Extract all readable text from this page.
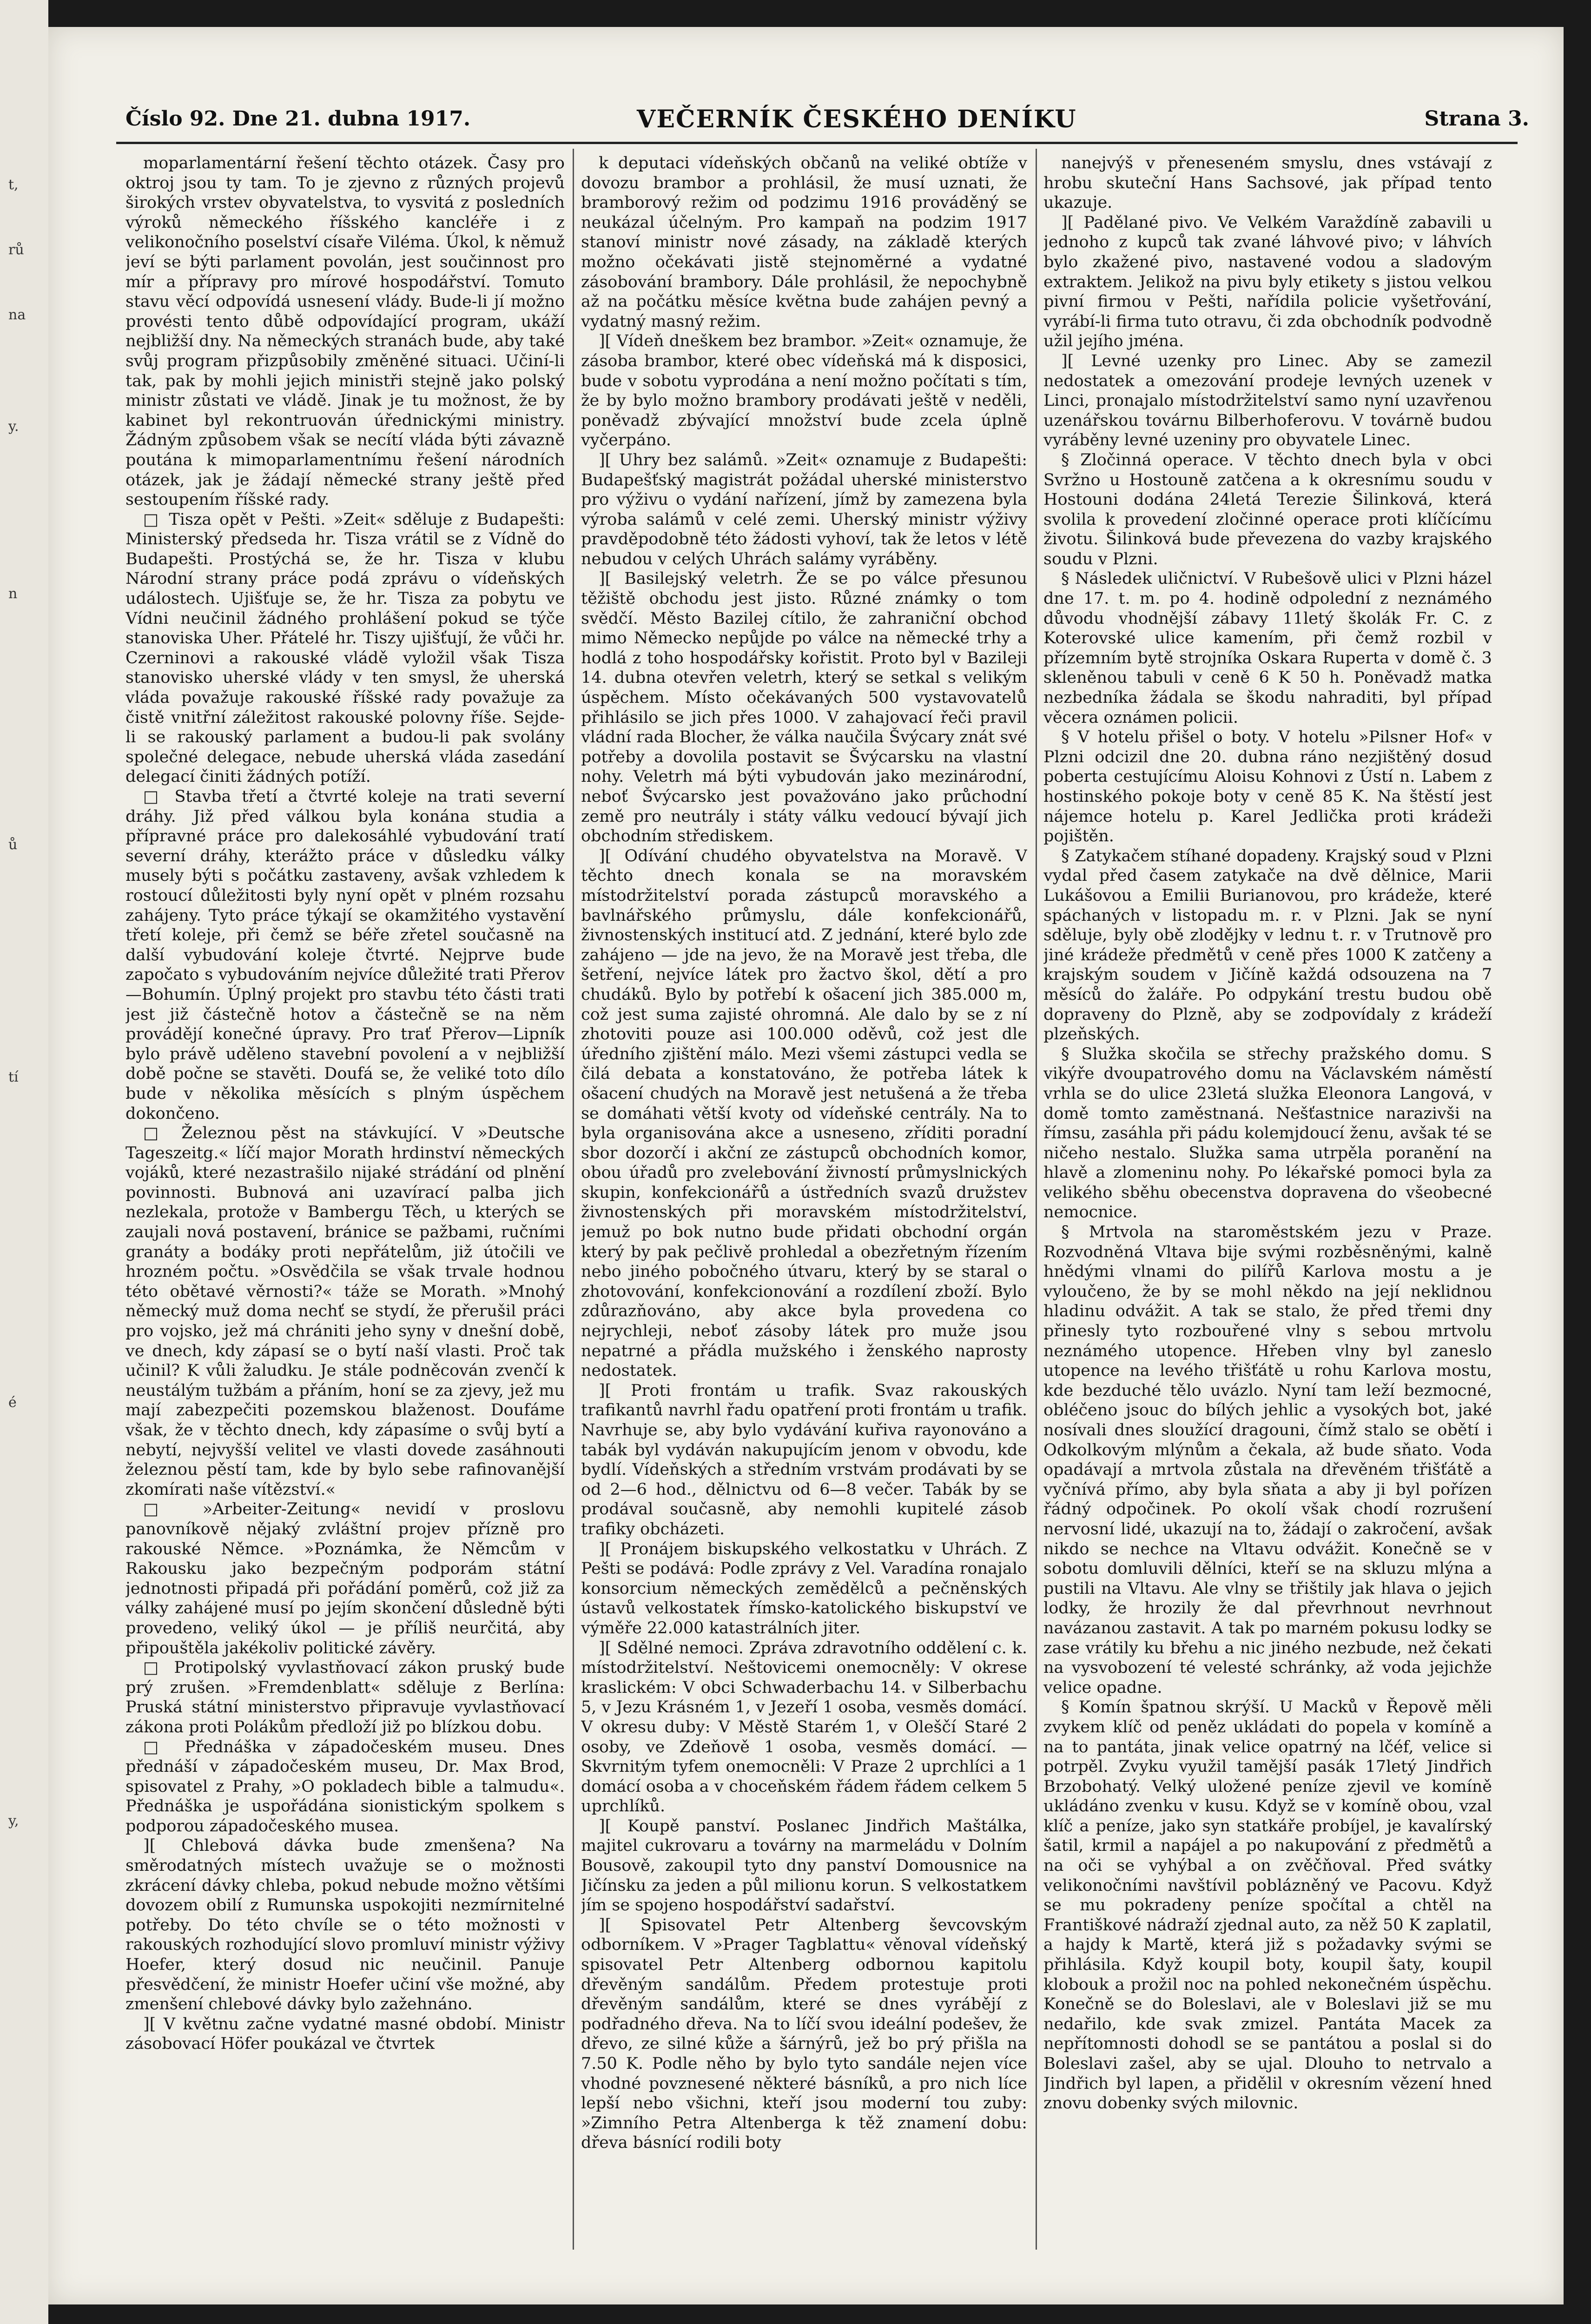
t,
rů
na
y.
n
ů
tí
é
y,
Číslo 92. Dne 21. dubna 1917.	VEČERNÍK ČESKÉHO DENÍKU	Strana 3.

moparlamentární řešení těchto otázek. Časy pro oktroj jsou ty tam. To je zjevno z různých projevů širokých vrstev obyvatelstva, to vysvitá z posledních výroků německého říšského kancléře i z velikonočního poselství císaře Viléma. Úkol, k němuž jeví se býti parlament povolán, jest součinnost pro mír a přípravy pro mírové hospodářství. Tomuto stavu věcí odpovídá usnesení vlády. Bude-li jí možno provésti tento důbě odpovídající program, ukáží nejbližší dny. Na německých stranách bude, aby také svůj program přizpůsobily změněné situaci. Učiní-li tak, pak by mohli jejich ministři stejně jako polský ministr zůstati ve vládě. Jinak je tu možnost, že by kabinet byl rekontruován úřednickými ministry. Žádným způsobem však se necítí vláda býti závazně poutána k mimoparlamentnímu řešení národních otázek, jak je žádají německé strany ještě před sestoupením říšské rady.

□ Tisza opět v Pešti. »Zeit« sděluje z Budapešti: Ministerský předseda hr. Tisza vrátil se z Vídně do Budapešti. Prostýchá se, že hr. Tisza v klubu Národní strany práce podá zprávu o vídeňských událostech. Ujišťuje se, že hr. Tisza za pobytu ve Vídni neučinil žádného prohlášení pokud se týče stanoviska Uher. Přátelé hr. Tiszy ujišťují, že vůči hr. Czerninovi a rakouské vládě vyložil však Tisza stanovisko uherské vlády v ten smysl, že uherská vláda považuje rakouské říšské rady považuje za čistě vnitřní záležitost rakouské polovny říše. Sejde-li se rakouský parlament a budou-li pak svolány společné delegace, nebude uherská vláda zasedání delegací činiti žádných potíží.

□ Stavba třetí a čtvrté koleje na trati severní dráhy. Již před válkou byla konána studia a přípravné práce pro dalekosáhlé vybudování tratí severní dráhy, kterážto práce v důsledku války musely býti s počátku zastaveny, avšak vzhledem k rostoucí důležitosti byly nyní opět v plném rozsahu zahájeny. Tyto práce týkají se okamžitého vystavění třetí koleje, při čemž se béře zřetel současně na další vybudování koleje čtvrté. Nejprve bude započato s vybudováním nejvíce důležité trati Přerov—Bohumín. Úplný projekt pro stavbu této části trati jest již částečně hotov a částečně se na něm provádějí konečné úpravy. Pro trať Přerov—Lipník bylo právě uděleno stavební povolení a v nejbližší době počne se stavěti. Doufá se, že veliké toto dílo bude v několika měsících s plným úspěchem dokončeno.

□ Železnou pěst na stávkující. V »Deutsche Tageszeitg.« líčí major Morath hrdinství německých vojáků, které nezastrašilo nijaké strádání od plnění povinnosti. Bubnová ani uzavírací palba jich nezlekala, protože v Bambergu Těch, u kterých se zaujali nová postavení, bránice se pažbami, ručními granáty a bodáky proti nepřátelům, již útočili ve hrozném počtu. »Osvědčila se však trvale hodnou této obětavé věrnosti?« táže se Morath. »Mnohý německý muž doma nechť se stydí, že přerušil práci pro vojsko, jež má chrániti jeho syny v dnešní době, ve dnech, kdy zápasí se o bytí naší vlasti. Proč tak učinil? K vůli žaludku. Je stále podněcován zvenčí k neustálým tužbám a přáním, honí se za zjevy, jež mu mají zabezpečiti pozemskou blaženost. Doufáme však, že v těchto dnech, kdy zápasíme o svůj bytí a nebytí, nejvyšší velitel ve vlasti dovede zasáhnouti železnou pěstí tam, kde by bylo sebe rafinovanější zkomírati naše vítězství.«

□ »Arbeiter-Zeitung« nevidí v proslovu panovníkově nějaký zvláštní projev přízně pro rakouské Němce. »Poznámka, že Němcům v Rakousku jako bezpečným podporám státní jednotnosti připadá při pořádání poměrů, což již za války zahájené musí po jejím skončení důsledně býti provedeno, veliký úkol — je příliš neurčitá, aby připouštěla jakékoliv politické závěry.

□ Protipolský vyvlastňovací zákon pruský bude prý zrušen. »Fremdenblatt« sděluje z Berlína: Pruská státní ministerstvo připravuje vyvlastňovací zákona proti Polákům předloží již po blízkou dobu.

□ Přednáška v západočeském museu. Dnes přednáší v západočeském museu, Dr. Max Brod, spisovatel z Prahy, »O pokladech bible a talmudu«. Přednáška je uspořádána sionistickým spolkem s podporou západočeského musea.

][ Chlebová dávka bude zmenšena? Na směrodatných místech uvažuje se o možnosti zkrácení dávky chleba, pokud nebude možno většími dovozem obilí z Rumunska uspokojiti nezmírnitelné potřeby. Do této chvíle se o této možnosti v rakouských rozhodující slovo promluví ministr výživy Hoefer, který dosud nic neučinil. Panuje přesvědčení, že ministr Hoefer učiní vše možné, aby zmenšení chlebové dávky bylo zažehnáno.

][ V květnu začne vydatné masné období. Ministr zásobovací Höfer poukázal ve čtvrtek

k deputaci vídeňských občanů na veliké obtíže v dovozu brambor a prohlásil, že musí uznati, že bramborový režim od podzimu 1916 prováděný se neukázal účelným. Pro kampaň na podzim 1917 stanoví ministr nové zásady, na základě kterých možno očekávati jistě stejnoměrné a vydatné zásobování brambory. Dále prohlásil, že nepochybně až na počátku měsíce května bude zahájen pevný a vydatný masný režim.

][ Vídeň dneškem bez brambor. »Zeit« oznamuje, že zásoba brambor, které obec vídeňská má k disposici, bude v sobotu vyprodána a není možno počítati s tím, že by bylo možno brambory prodávati ještě v neděli, poněvadž zbývající množství bude zcela úplně vyčerpáno.

][ Uhry bez salámů. »Zeit« oznamuje z Budapešti: Budapešťský magistrát požádal uherské ministerstvo pro výživu o vydání nařízení, jímž by zamezena byla výroba salámů v celé zemi. Uherský ministr výživy pravděpodobně této žádosti vyhoví, tak že letos v létě nebudou v celých Uhrách salámy vyráběny.

][ Basilejský veletrh. Že se po válce přesunou těžiště obchodu jest jisto. Různé známky o tom svědčí. Město Bazilej cítilo, že zahraniční obchod mimo Německo nepůjde po válce na německé trhy a hodlá z toho hospodářsky kořistit. Proto byl v Bazileji 14. dubna otevřen veletrh, který se setkal s velikým úspěchem. Místo očekávaných 500 vystavovatelů přihlásilo se jich přes 1000. V zahajovací řeči pravil vládní rada Blocher, že válka naučila Švýcary znát své potřeby a dovolila postavit se Švýcarsku na vlastní nohy. Veletrh má býti vybudován jako mezinárodní, neboť Švýcarsko jest považováno jako průchodní země pro neutrály i státy válku vedoucí bývají jich obchodním střediskem.

][ Odívání chudého obyvatelstva na Moravě. V těchto dnech konala se na moravském místodržitelství porada zástupců moravského a bavlnářského průmyslu, dále konfekcionářů, živnostenských institucí atd. Z jednání, které bylo zde zahájeno — jde na jevo, že na Moravě jest třeba, dle šetření, nejvíce látek pro žactvo škol, dětí a pro chudáků. Bylo by potřebí k ošacení jich 385.000 m, což jest suma zajisté ohromná. Ale dalo by se z ní zhotoviti pouze asi 100.000 oděvů, což jest dle úředního zjištění málo. Mezi všemi zástupci vedla se čilá debata a konstatováno, že potřeba látek k ošacení chudých na Moravě jest netušená a že třeba se domáhati větší kvoty od vídeňské centrály. Na to byla organisována akce a usneseno, zříditi poradní sbor dozorčí i akční ze zástupců obchodních komor, obou úřadů pro zvelebování živností průmyslnických skupin, konfekcionářů a ústředních svazů družstev živnostenských při moravském místodržitelství, jemuž po bok nutno bude přidati obchodní orgán který by pak pečlivě prohledal a obezřetným řízením nebo jiného pobočného útvaru, který by se staral o zhotovování, konfekcionování a rozdílení zboží. Bylo zdůrazňováno, aby akce byla provedena co nejrychleji, neboť zásoby látek pro muže jsou nepatrné a přádla mužského i ženského naprosty nedostatek.

][ Proti frontám u trafik. Svaz rakouských trafikantů navrhl řadu opatření proti frontám u trafik. Navrhuje se, aby bylo vydávání kuřiva rayonováno a tabák byl vydáván nakupujícím jenom v obvodu, kde bydlí. Vídeňských a středním vrstvám prodávati by se od 2—6 hod., dělnictvu od 6—8 večer. Tabák by se prodával současně, aby nemohli kupitelé zásob trafiky obcházeti.

][ Pronájem biskupského velkostatku v Uhrách. Z Pešti se podává: Podle zprávy z Vel. Varadína ronajalo konsorcium německých zemědělců a pečněnských ústavů velkostatek římsko-katolického biskupství ve výměře 22.000 katastrálních jiter.

][ Sdělné nemoci. Zpráva zdravotního oddělení c. k. místodržitelství. Neštovicemi onemocněly: V okrese kraslickém: V obci Schwaderbachu 14. v Silberbachu 5, v Jezu Krásném 1, v Jezeří 1 osoba, vesměs domácí. V okresu duby: V Městě Starém 1, v Oleščí Staré 2 osoby, ve Zdeňově 1 osoba, vesměs domácí. — Skvrnitým tyfem onemocněli: V Praze 2 uprchlíci a 1 domácí osoba a v choceňském řádem řádem celkem 5 uprchlíků.

][ Koupě panství. Poslanec Jindřich Maštálka, majitel cukrovaru a továrny na marmeládu v Dolním Bousově, zakoupil tyto dny panství Domousnice na Jičínsku za jeden a půl milionu korun. S velkostatkem jím se spojeno hospodářství sadařství.

][ Spisovatel Petr Altenberg ševcovským odborníkem. V »Prager Tagblattu« věnoval vídeňský spisovatel Petr Altenberg odbornou kapitolu dřevěným sandálům. Předem protestuje proti dřevěným sandálům, které se dnes vyrábějí z podřadného dřeva. Na to líčí svou ideální podešev, že dřevo, ze silné kůže a šárnýrů, jež bo prý přišla na 7.50 K. Podle něho by bylo tyto sandále nejen více vhodné povznesené některé básníků, a pro nich líce lepší nebo všichni, kteří jsou moderní tou zuby: »Zimního Petra Altenberga k těž znamení dobu: dřeva básnící rodili boty

nanejvýš v přeneseném smyslu, dnes vstávají z hrobu skuteční Hans Sachsové, jak případ tento ukazuje.

][ Padělané pivo. Ve Velkém Varaždíně zabavili u jednoho z kupců tak zvané láhvové pivo; v láhvích bylo zkažené pivo, nastavené vodou a sladovým extraktem. Jelikož na pivu byly etikety s jistou velkou pivní firmou v Pešti, nařídila policie vyšetřování, vyrábí-li firma tuto otravu, či zda obchodník podvodně užil jejího jména.

][ Levné uzenky pro Linec. Aby se zamezil nedostatek a omezování prodeje levných uzenek v Linci, pronajalo místodržitelství samo nyní uzavřenou uzenářskou továrnu Bilberhoferovu. V továrně budou vyráběny levné uzeniny pro obyvatele Linec.

§ Zločinná operace. V těchto dnech byla v obci Svržno u Hostouně zatčena a k okresnímu soudu v Hostouni dodána 24letá Terezie Šilinková, která svolila k provedení zločinné operace proti klíčícímu životu. Šilinková bude převezena do vazby krajského soudu v Plzni.

§ Následek uličnictví. V Rubešově ulici v Plzni házel dne 17. t. m. po 4. hodině odpolední z neznámého důvodu vhodnější zábavy 11letý školák Fr. C. z Koterovské ulice kamením, při čemž rozbil v přízemním bytě strojníka Oskara Ruperta v domě č. 3 skleněnou tabuli v ceně 6 K 50 h. Poněvadž matka nezbedníka žádala se škodu nahraditi, byl případ věcera oznámen policii.

§ V hotelu přišel o boty. V hotelu »Pilsner Hof« v Plzni odcizil dne 20. dubna ráno nezjištěný dosud poberta cestujícímu Aloisu Kohnovi z Ústí n. Labem z hostinského pokoje boty v ceně 85 K. Na štěstí jest nájemce hotelu p. Karel Jedlička proti krádeži pojištěn.

§ Zatykačem stíhané dopadeny. Krajský soud v Plzni vydal před časem zatykače na dvě dělnice, Marii Lukášovou a Emilii Burianovou, pro krádeže, které spáchaných v listopadu m. r. v Plzni. Jak se nyní sděluje, byly obě zlodějky v lednu t. r. v Trutnově pro jiné krádeže předmětů v ceně přes 1000 K zatčeny a krajským soudem v Jičíně každá odsouzena na 7 měsíců do žaláře. Po odpykání trestu budou obě dopraveny do Plzně, aby se zodpovídaly z krádeží plzeňských.

§ Služka skočila se střechy pražského domu. S vikýře dvoupatrového domu na Václavském náměstí vrhla se do ulice 23letá služka Eleonora Langová, v domě tomto zaměstnaná. Nešťastnice narazivši na římsu, zasáhla při pádu kolemjdoucí ženu, avšak té se ničeho nestalo. Služka sama utrpěla poranění na hlavě a zlomeninu nohy. Po lékařské pomoci byla za velikého sběhu obecenstva dopravena do všeobecné nemocnice.

§ Mrtvola na staroměstském jezu v Praze. Rozvodněná Vltava bije svými rozběsněnými, kalně hnědými vlnami do pilířů Karlova mostu a je vyloučeno, že by se mohl někdo na její neklidnou hladinu odvážit. A tak se stalo, že před třemi dny přinesly tyto rozbouřené vlny s sebou mrtvolu neznámého utopence. Hřeben vlny byl zaneslo utopence na levého třišťátě u rohu Karlova mostu, kde bezduché tělo uvázlo. Nyní tam leží bezmocné, obléčeno jsouc do bílých jehlic a vysokých bot, jaké nosívali dnes sloužící dragouni, čímž stalo se obětí i Odkolkovým mlýnům a čekala, až bude sňato. Voda opadávají a mrtvola zůstala na dřevěném třišťátě a vyčnívá přímo, aby byla sňata a aby ji byl pořízen řádný odpočinek. Po okolí však chodí rozrušení nervosní lidé, ukazují na to, žádají o zakročení, avšak nikdo se nechce na Vltavu odvážit. Konečně se v sobotu domluvili dělníci, kteří se na skluzu mlýna a pustili na Vltavu. Ale vlny se třištily jak hlava o jejich lodky, že hrozily že dal převrhnout nevrhnout navázanou zastavit. A tak po marném pokusu lodky se zase vrátily ku břehu a nic jiného nezbude, než čekati na vysvobození té velesté schránky, až voda jejichže velice opadne.

§ Komín špatnou skrýší. U Macků v Řepově měli zvykem klíč od peněz ukládati do popela v komíně a na to pantáta, jinak velice opatrný na lčéf, velice si potrpěl. Zvyku využil tamější pasák 17letý Jindřich Brzobohatý. Velký uložené peníze zjevil ve komíně ukládáno zvenku v kusu. Když se v komíně obou, vzal klíč a peníze, jako syn statkáře probíjel, je kavalírský šatil, krmil a napájel a po nakupování z předmětů a na oči se vyhýbal a on zvěčňoval. Před svátky velikonočními navštívil poblázněný ve Pacovu. Když se mu pokradeny peníze spočítal a chtěl na Františkové nádraží zjednal auto, za něž 50 K zaplatil, a hajdy k Martě, která již s požadavky svými se přihlásila. Když koupil boty, koupil šaty, koupil klobouk a prožil noc na pohled nekonečném úspěchu. Konečně se do Boleslavi, ale v Boleslavi již se mu nedařilo, kde svak zmizel. Pantáta Macek za nepřítomnosti dohodl se se pantátou a poslal si do Boleslavi zašel, aby se ujal. Dlouho to netrvalo a Jindřich byl lapen, a přidělil v okresním vězení hned znovu dobenky svých milovnic.
